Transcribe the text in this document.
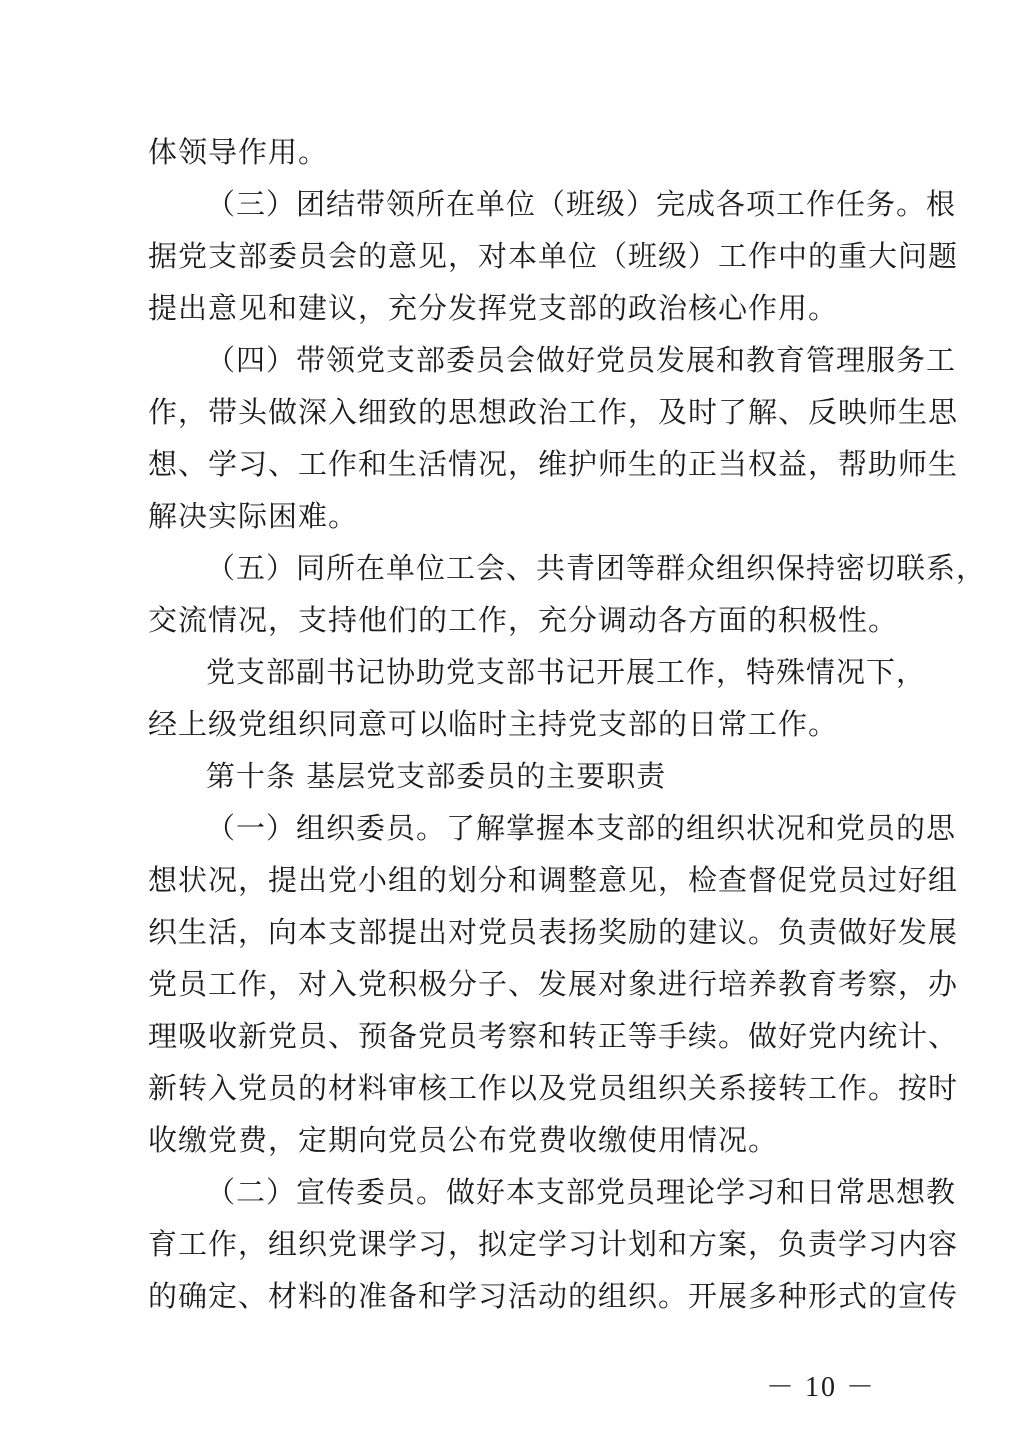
体领导作用。
（三）团结带领所在单位（班级）完成各项工作任务。根
据党支部委员会的意见，对本单位（班级）工作中的重大问题
提出意见和建议，充分发挥党支部的政治核心作用。
（四）带领党支部委员会做好党员发展和教育管理服务工
作，带头做深入细致的思想政治工作，及时了解、反映师生思
想、学习、工作和生活情况，维护师生的正当权益，帮助师生
解决实际困难。
（五）同所在单位工会、共青团等群众组织保持密切联系，
交流情况，支持他们的工作，充分调动各方面的积极性。
党支部副书记协助党支部书记开展工作，特殊情况下，
经上级党组织同意可以临时主持党支部的日常工作。
第十条 基层党支部委员的主要职责
（一）组织委员。了解掌握本支部的组织状况和党员的思
想状况，提出党小组的划分和调整意见，检查督促党员过好组
织生活，向本支部提出对党员表扬奖励的建议。负责做好发展
党员工作，对入党积极分子、发展对象进行培养教育考察，办
理吸收新党员、预备党员考察和转正等手续。做好党内统计、
新转入党员的材料审核工作以及党员组织关系接转工作。按时
收缴党费，定期向党员公布党费收缴使用情况。
（二）宣传委员。做好本支部党员理论学习和日常思想教
育工作，组织党课学习，拟定学习计划和方案，负责学习内容
的确定、材料的准备和学习活动的组织。开展多种形式的宣传
－ 10 －
